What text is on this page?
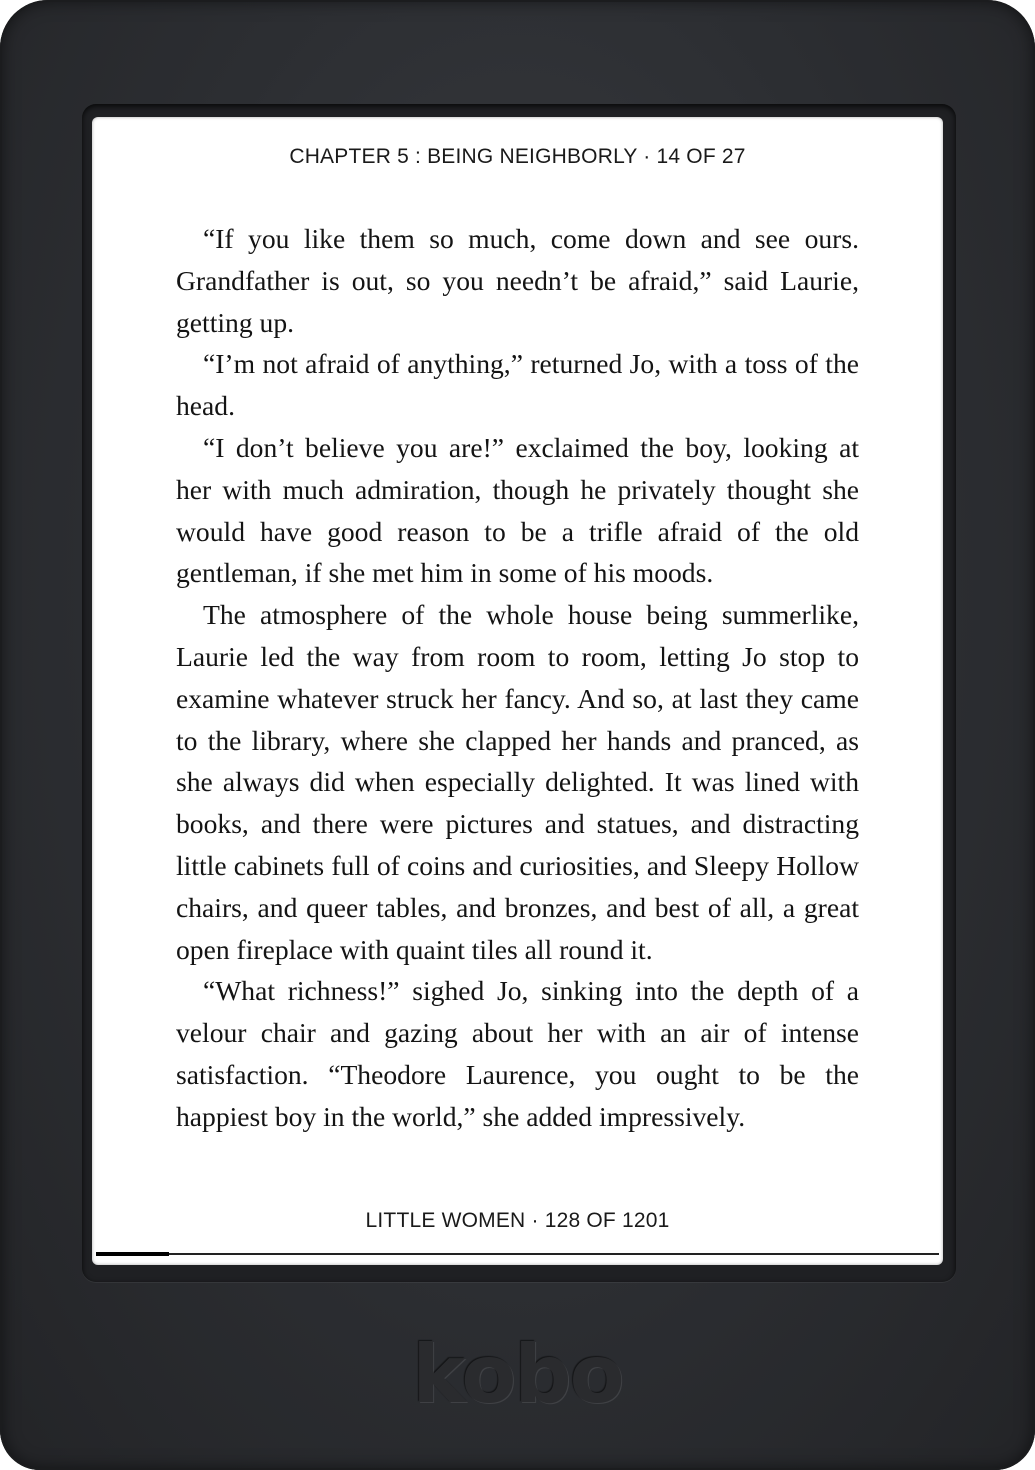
CHAPTER 5 : BEING NEIGHBORLY · 14 OF 27

“If you like them so much, come down and see ours. Grandfather is out, so you needn’t be afraid,” said Laurie, getting up.

“I’m not afraid of anything,” returned Jo, with a toss of the head.

“I don’t believe you are!” exclaimed the boy, looking at her with much admiration, though he privately thought she would have good reason to be a trifle afraid of the old gentleman, if she met him in some of his moods.

The atmosphere of the whole house being summerlike, Laurie led the way from room to room, letting Jo stop to examine whatever struck her fancy. And so, at last they came to the library, where she clapped her hands and pranced, as she always did when especially delighted. It was lined with books, and there were pictures and statues, and distracting little cabinets full of coins and curiosities, and Sleepy Hollow chairs, and queer tables, and bronzes, and best of all, a great open fireplace with quaint tiles all round it.

“What richness!” sighed Jo, sinking into the depth of a velour chair and gazing about her with an air of intense satisfaction. “Theodore Laurence, you ought to be the happiest boy in the world,” she added impressively.

LITTLE WOMEN · 128 OF 1201
kobo
